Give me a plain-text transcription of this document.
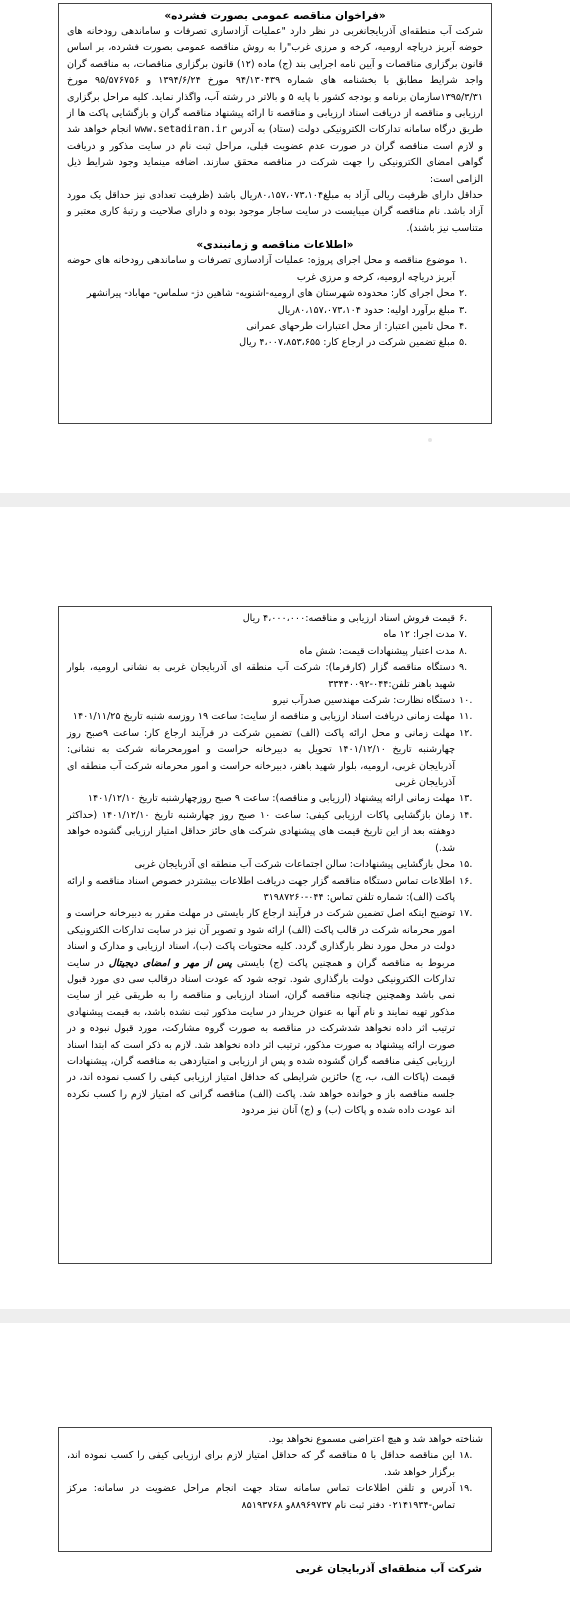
«فراخوان مناقصه عمومی بصورت فشرده»
شرکت آب منطقه‌ای آذربایجانغربی در نظر دارد "عملیات آزادسازی تصرفات و ساماندهی رودخانه های حوضه آبریز دریاچه ارومیه، کرخه و مرزی غرب"را به روش مناقصه عمومی بصورت فشرده، بر اساس قانون برگزاری مناقصات و آیین نامه اجرایی بند (ج) ماده (۱۲) قانون برگزاری مناقصات، به مناقصه گران واجد شرایط مطابق با بخشنامه های شماره ۹۴/۱۳۰۴۳۹ مورخ ۱۳۹۴/۶/۲۴ و ۹۵/۵۷۶۷۵۶ مورخ ۱۳۹۵/۳/۳۱سازمان برنامه و بودجه کشور با پایه ۵ و بالاتر در رشته آب، واگذار نماید. کلیه مراحل برگزاری ارزیابی و مناقصه از دریافت اسناد ارزیابی و مناقصه تا ارائه پیشنهاد مناقصه گران و بازگشایی پاکت ها از طریق درگاه سامانه تدارکات الکترونیکی دولت (ستاد) به آدرس www.setadiran.ir انجام خواهد شد و لازم است مناقصه گران در صورت عدم عضویت قبلی، مراحل ثبت نام در سایت مذکور و دریافت گواهی امضای الکترونیکی را جهت شرکت در مناقصه محقق سازند. اضافه مینماید وجود شرایط ذیل الزامی است:
حداقل دارای ظرفیت ریالی آزاد به مبلغ۸۰،۱۵۷،۰۷۳،۱۰۴ریال باشد (ظرفیت تعدادی نیز حداقل یک مورد آزاد باشد. نام مناقصه گران میبایست در سایت ساجار موجود بوده و دارای صلاحیت و رتبهٔ کاری معتبر و متناسب نیز باشند).
«اطلاعات مناقصه و زمانبندی»
.۱
موضوع مناقصه و محل اجرای پروژه: عملیات آزادسازی تصرفات و ساماندهی رودخانه های حوضه آبریز دریاچه ارومیه، کرخه و مرزی غرب
.۲
محل اجرای کار: محدوده شهرستان های ارومیه-اشنویه- شاهین دژ- سلماس- مهاباد- پیرانشهر
.۳
مبلغ برآورد اولیه: حدود ۸۰،۱۵۷،۰۷۳،۱۰۴ریال
.۴
محل تامین اعتبار: از محل اعتبارات طرحهای عمرانی
.۵
مبلغ تضمین شرکت در ارجاع کار: ۴،۰۰۷،۸۵۳،۶۵۵ ریال
.۶
قیمت فروش اسناد ارزیابی و مناقصه:۴،۰۰۰،۰۰۰ ریال
.۷
مدت اجرا: ۱۲ ماه
.۸
مدت اعتبار پیشنهادات قیمت: شش ماه
.۹
دستگاه مناقصه گزار (کارفرما): شرکت آب منطقه ای آذربایجان غربی به نشانی ارومیه، بلوار شهید باهنر تلفن:۰۴۴-۳۳۴۴۰۰۹۲
.۱۰
دستگاه نظارت: شرکت مهندسین صدرآب نیرو
.۱۱
مهلت زمانی دریافت اسناد ارزیابی و مناقصه از سایت: ساعت ۱۹ روزسه شنبه تاریخ ۱۴۰۱/۱۱/۲۵
.۱۲
مهلت زمانی و محل ارائه پاکت (الف) تضمین شرکت در فرآیند ارجاع کار: ساعت ۹صبح روز چهارشنبه تاریخ ۱۴۰۱/۱۲/۱۰ تحویل به دبیرخانه حراست و امورمحرمانه شرکت به نشانی: آذربایجان غربی، ارومیه، بلوار شهید باهنر، دبیرخانه حراست و امور محرمانه شرکت آب منطقه ای آذربایجان غربی
.۱۳
مهلت زمانی ارائه پیشنهاد (ارزیابی و مناقصه): ساعت ۹ صبح روزچهارشنبه تاریخ ۱۴۰۱/۱۲/۱۰
.۱۴
زمان بازگشایی پاکات ارزیابی کیفی: ساعت ۱۰ صبح روز چهارشنبه تاریخ ۱۴۰۱/۱۲/۱۰ (حداکثر دوهفته بعد از این تاریخ قیمت های پیشنهادی شرکت های حائز حداقل امتیاز ارزیابی گشوده خواهد شد.)
.۱۵
محل بازگشایی پیشنهادات: سالن اجتماعات شرکت آب منطقه ای آذربایجان غربی
.۱۶
اطلاعات تماس دستگاه مناقصه گزار جهت دریافت اطلاعات بیشتردر خصوص اسناد مناقصه و ارائه پاکت (الف): شماره تلفن تماس: ۰۴۴-۳۱۹۸۷۲۶۰
.۱۷
توضیح اینکه اصل تضمین شرکت در فرآیند ارجاع کار بایستی در مهلت مقرر به دبیرخانه حراست و امور محرمانه شرکت در قالب پاکت (الف) ارائه شود و تصویر آن نیز در سایت تدارکات الکترونیکی دولت در محل مورد نظر بارگذاری گردد. کلیه محتویات پاکت (ب)، اسناد ارزیابی و مدارک و اسناد مربوط به مناقصه گران و همچنین پاکت (ج) بایستی پس از مهر و امضای دیجیتال در سایت تدارکات الکترونیکی دولت بارگذاری شود. توجه شود که عودت اسناد درقالب سی دی مورد قبول نمی باشد وهمچنین چنانچه مناقصه گران، اسناد ارزیابی و مناقصه را به طریقی غیر از سایت مذکور تهیه نمایند و نام آنها به عنوان خریدار در سایت مذکور ثبت نشده باشد، به قیمت پیشنهادی ترتیب اثر داده نخواهد شدشرکت در مناقصه به صورت گروه مشارکت، مورد قبول نبوده و در صورت ارائه پیشنهاد به صورت مذکور، ترتیب اثر داده نخواهد شد. لازم به ذکر است که ابتدا اسناد ارزیابی کیفی مناقصه گران گشوده شده و پس از ارزیابی و امتیازدهی به مناقصه گران، پیشنهادات قیمت (پاکات الف، ب، ج) حائزین شرایطی که حداقل امتیاز ارزیابی کیفی را کسب نموده اند، در جلسه مناقصه باز و خوانده خواهد شد. پاکت (الف) مناقصه گرانی که امتیاز لازم را کسب نکرده اند عودت داده شده و پاکات (ب) و (ج) آنان نیز مردود
شناخته خواهد شد و هیچ اعتراضی مسموع نخواهد بود.
.۱۸
این مناقصه حداقل با ۵ مناقصه گر که حداقل امتیاز لازم برای ارزیابی کیفی را کسب نموده اند، برگزار خواهد شد.
.۱۹
آدرس و تلفن اطلاعات تماس سامانه ستاد جهت انجام مراحل عضویت در سامانه: مرکز تماس-۰۲۱۴۱۹۳۴ دفتر ثبت نام ۸۸۹۶۹۷۳۷و ۸۵۱۹۳۷۶۸
شرکت آب منطقه‌ای آذربایجان غربی
